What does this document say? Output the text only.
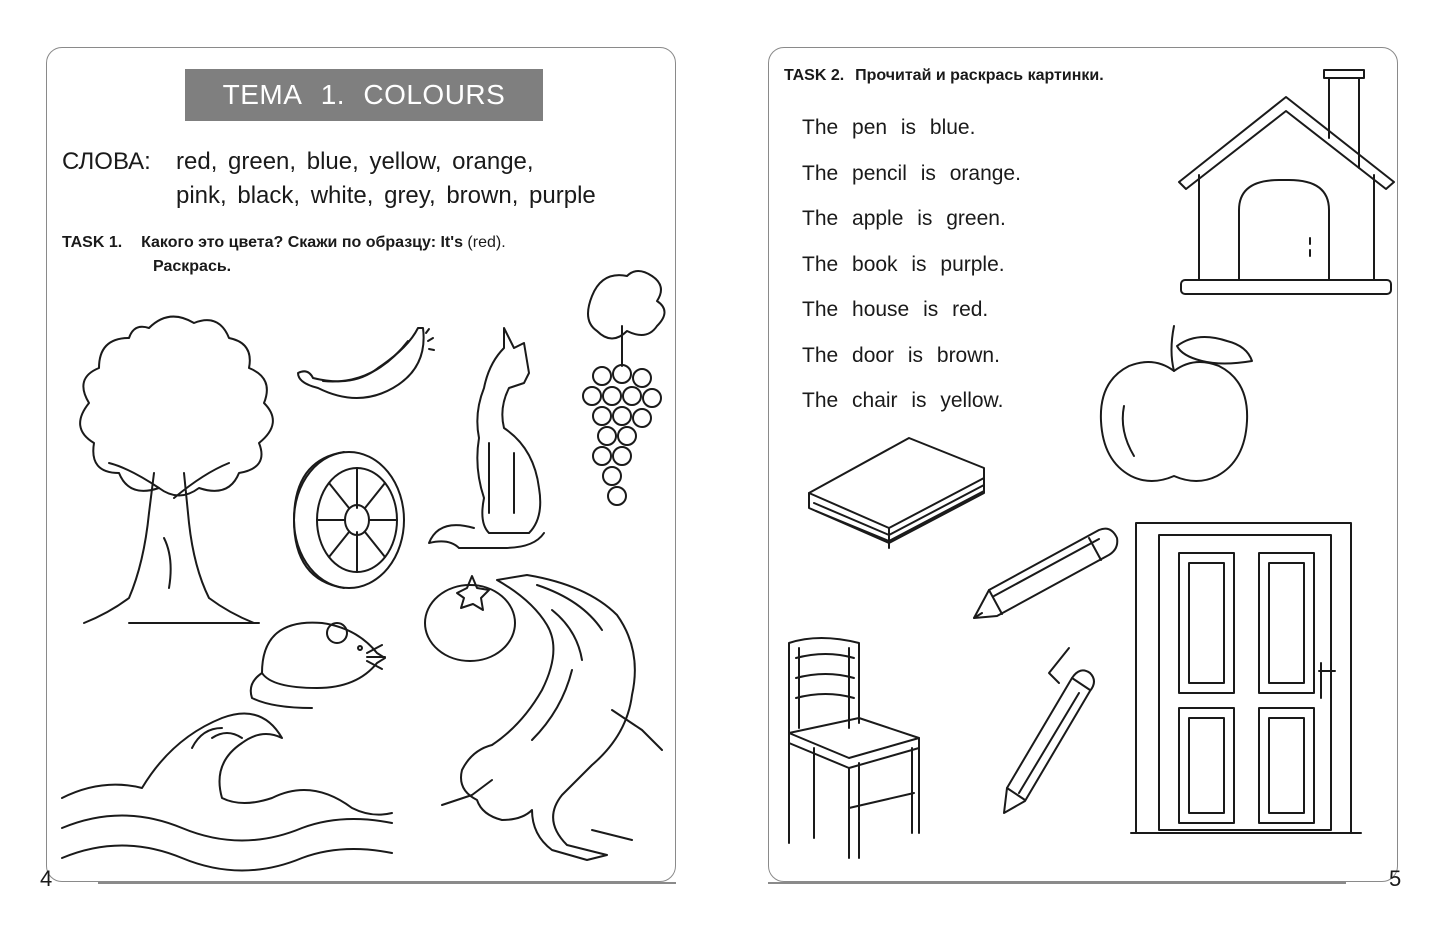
ТЕМА 1. COLOURS
СЛОВА: red, green, blue, yellow, orange,
pink, black, white, grey, brown, purple
TASK 1. Какого это цвета? Скажи по образцу: It's (red).
Раскрась.
4
TASK 2. Прочитай и раскрась картинки.
The pen is blue.
The pencil is orange.
The apple is green.
The book is purple.
The house is red.
The door is brown.
The chair is yellow.
5
